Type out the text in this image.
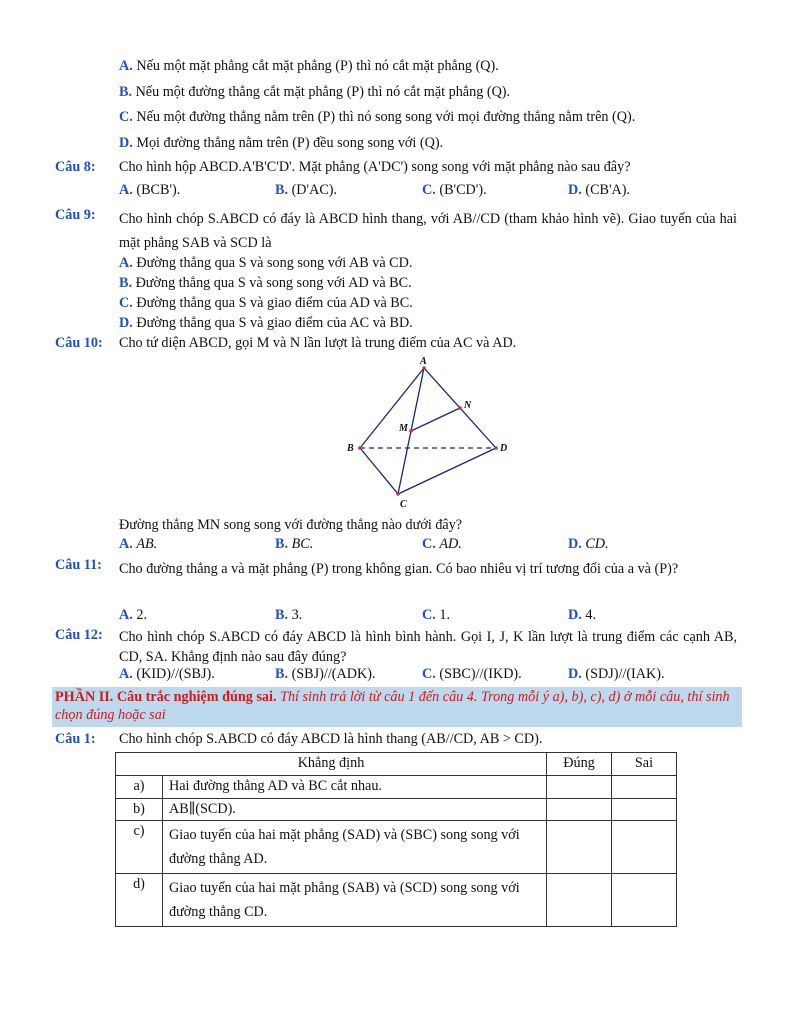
A. Nếu một mặt phẳng cắt mặt phẳng (P) thì nó cắt mặt phẳng (Q).
B. Nếu một đường thẳng cắt mặt phẳng (P) thì nó cắt mặt phẳng (Q).
C. Nếu một đường thẳng nằm trên (P) thì nó song song với mọi đường thẳng nằm trên (Q).
D. Mọi đường thẳng nằm trên (P) đều song song với (Q).
Câu 8: Cho hình hộp ABCD.A'B'C'D'. Mặt phẳng (A'DC') song song với mặt phẳng nào sau đây?
A. (BCB').	B. (D'AC).	C. (B'CD').	D. (CB'A).
Câu 9: Cho hình chóp S.ABCD có đáy là ABCD hình thang, với AB//CD (tham khảo hình vẽ). Giao tuyến của hai mặt phẳng SAB và SCD là
A. Đường thẳng qua S và song song với AB và CD.
B. Đường thẳng qua S và song song với AD và BC.
C. Đường thẳng qua S và giao điểm của AD và BC.
D. Đường thẳng qua S và giao điểm của AC và BD.
Câu 10: Cho tứ diện ABCD, gọi M và N lần lượt là trung điểm của AC và AD.
A
B
C
D
M
N
Đường thẳng MN song song với đường thẳng nào dưới đây?
A. AB.	B. BC.	C. AD.	D. CD.
Câu 11: Cho đường thẳng a và mặt phẳng (P) trong không gian. Có bao nhiêu vị trí tương đối của a và (P)?
A. 2.	B. 3.	C. 1.	D. 4.
Câu 12: Cho hình chóp S.ABCD có đáy ABCD là hình bình hành. Gọi I, J, K lần lượt là trung điểm các cạnh AB, CD, SA. Khẳng định nào sau đây đúng?
A. (KID)//(SBJ).	B. (SBJ)//(ADK).	C. (SBC)//(IKD).	D. (SDJ)//(IAK).
PHẦN II. Câu trắc nghiệm đúng sai. Thí sinh trả lời từ câu 1 đến câu 4. Trong mỗi ý a), b), c), d) ở mỗi câu, thí sinh chọn đúng hoặc sai
Câu 1: Cho hình chóp S.ABCD có đáy ABCD là hình thang (AB//CD, AB > CD).
Khẳng định		Đúng	Sai
a)	Hai đường thẳng AD và BC cắt nhau.		
b)	AB∥(SCD).		
c)	Giao tuyến của hai mặt phẳng (SAD) và (SBC) song song với đường thẳng AD.		
d)	Giao tuyến của hai mặt phẳng (SAB) và (SCD) song song với đường thẳng CD.		
